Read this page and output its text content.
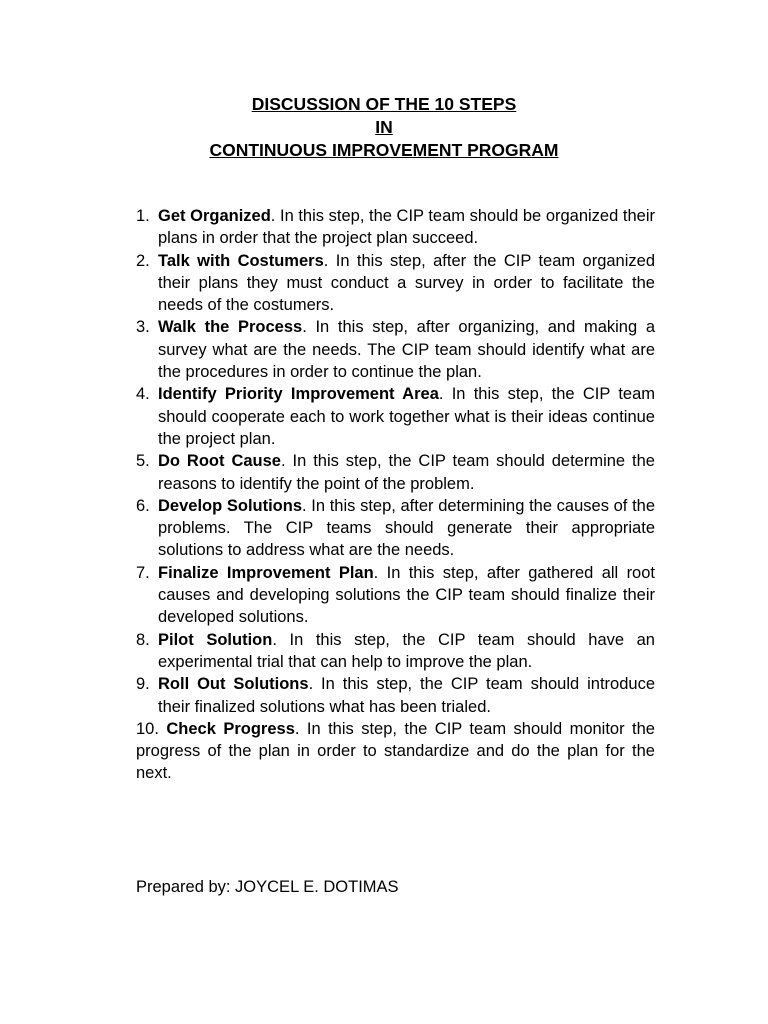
DISCUSSION OF THE 10 STEPS
IN
CONTINUOUS IMPROVEMENT PROGRAM
1. Get Organized. In this step, the CIP team should be organized their plans in order that the project plan succeed.
2. Talk with Costumers. In this step, after the CIP team organized their plans they must conduct a survey in order to facilitate the needs of the costumers.
3. Walk the Process. In this step, after organizing, and making a survey what are the needs. The CIP team should identify what are the procedures in order to continue the plan.
4. Identify Priority Improvement Area. In this step, the CIP team should cooperate each to work together what is their ideas continue the project plan.
5. Do Root Cause. In this step, the CIP team should determine the reasons to identify the point of the problem.
6. Develop Solutions. In this step, after determining the causes of the problems. The CIP teams should generate their appropriate solutions to address what are the needs.
7. Finalize Improvement Plan. In this step, after gathered all root causes and developing solutions the CIP team should finalize their developed solutions.
8. Pilot Solution. In this step, the CIP team should have an experimental trial that can help to improve the plan.
9. Roll Out Solutions. In this step, the CIP team should introduce their finalized solutions what has been trialed.
10. Check Progress. In this step, the CIP team should monitor the progress of the plan in order to standardize and do the plan for the next.
Prepared by: JOYCEL E. DOTIMAS
